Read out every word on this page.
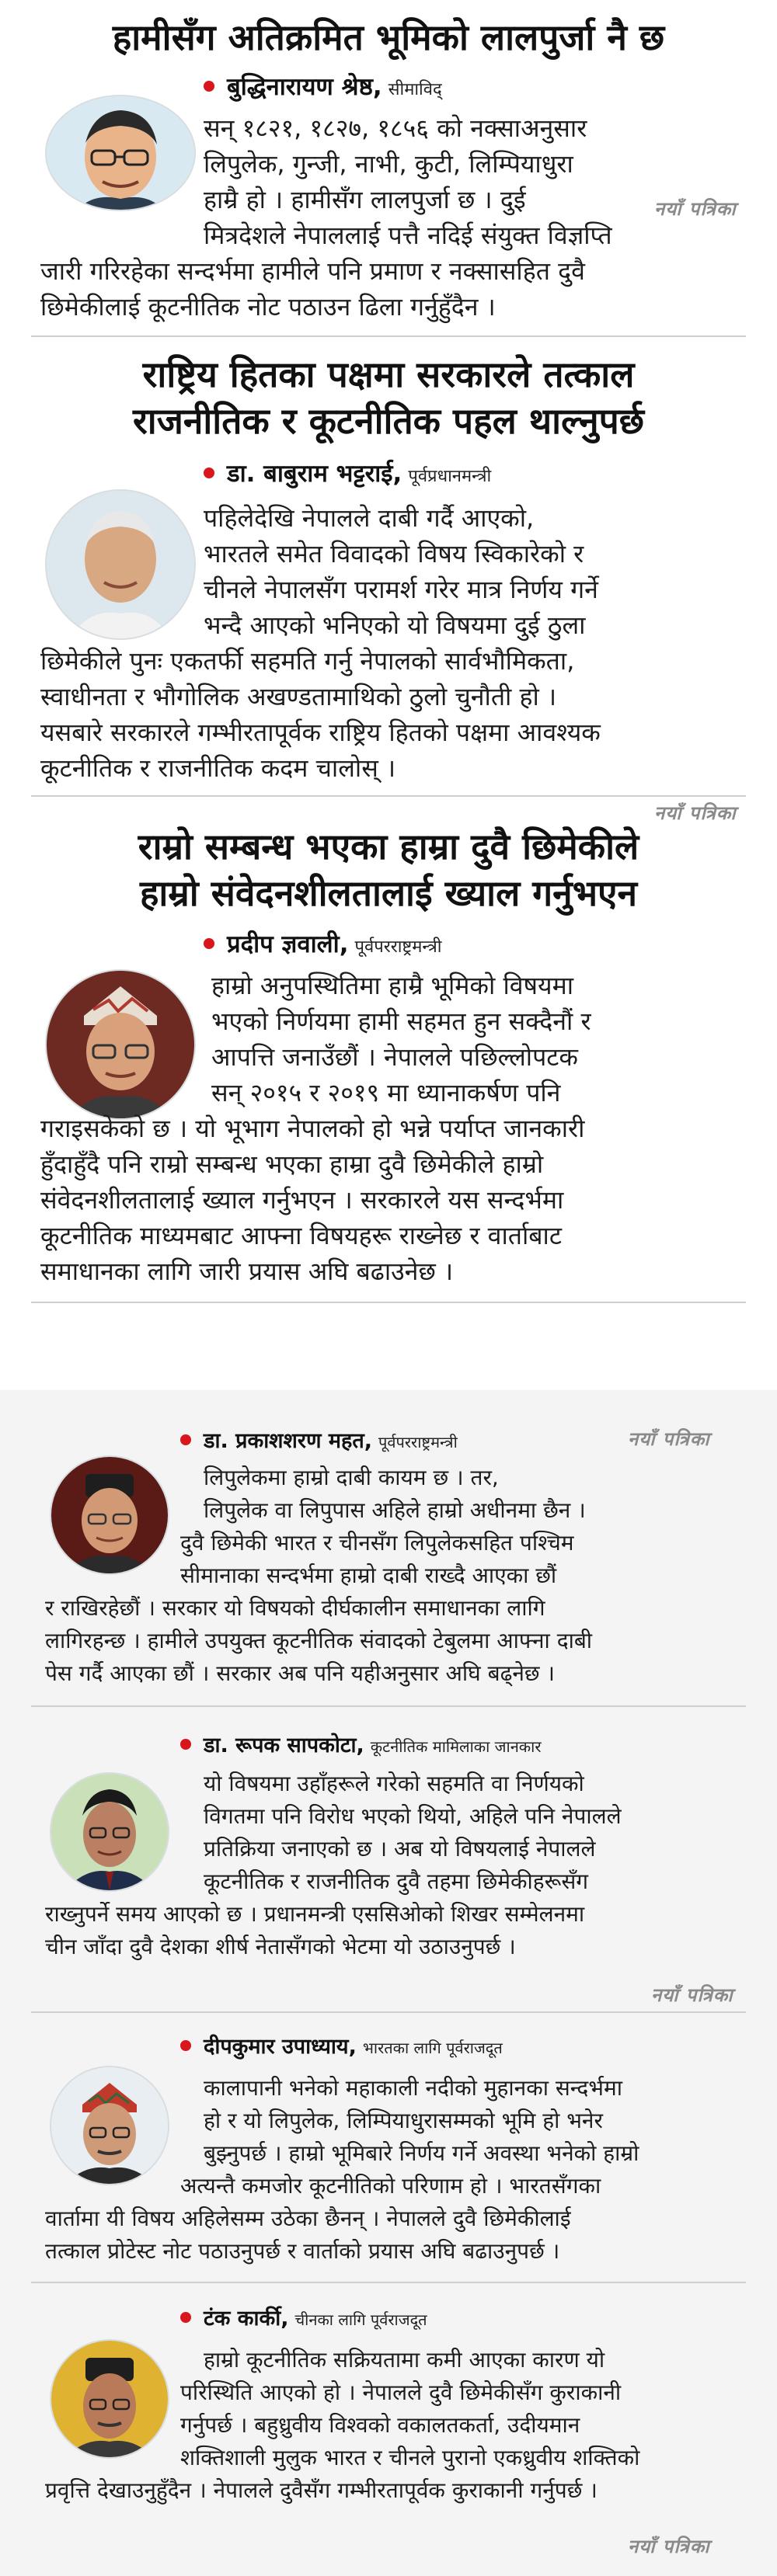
हामीसँग अतिक्रमित भूमिको लालपुर्जा नै छ
बुद्धिनारायण श्रेष्ठ, सीमाविद्
सन् १८२१, १८२७, १८५६ को नक्साअनुसार
लिपुलेक, गुन्जी, नाभी, कुटी, लिम्पियाधुरा
हाम्रै हो । हामीसँग लालपुर्जा छ । दुई	नयाँ पत्रिका
मित्रदेशले नेपाललाई पत्तै नदिई संयुक्त विज्ञप्ति
जारी गरिरहेका सन्दर्भमा हामीले पनि प्रमाण र नक्सासहित दुवै
छिमेकीलाई कूटनीतिक नोट पठाउन ढिला गर्नुहुँदैन ।
राष्ट्रिय हितका पक्षमा सरकारले तत्काल
राजनीतिक र कूटनीतिक पहल थाल्नुपर्छ
डा. बाबुराम भट्टराई, पूर्वप्रधानमन्त्री
पहिलेदेखि नेपालले दाबी गर्दै आएको,
भारतले समेत विवादको विषय स्विकारेको र
चीनले नेपालसँग परामर्श गरेर मात्र निर्णय गर्ने
भन्दै आएको भनिएको यो विषयमा दुई ठुला
छिमेकीले पुनः एकतर्फी सहमति गर्नु नेपालको सार्वभौमिकता,
स्वाधीनता र भौगोलिक अखण्डतामाथिको ठुलो चुनौती हो ।
यसबारे सरकारले गम्भीरतापूर्वक राष्ट्रिय हितको पक्षमा आवश्यक
कूटनीतिक र राजनीतिक कदम चालोस् ।
नयाँ पत्रिका
राम्रो सम्बन्ध भएका हाम्रा दुवै छिमेकीले
हाम्रो संवेदनशीलतालाई ख्याल गर्नुभएन
प्रदीप ज्ञवाली, पूर्वपरराष्ट्रमन्त्री
हाम्रो अनुपस्थितिमा हाम्रै भूमिको विषयमा
भएको निर्णयमा हामी सहमत हुन सक्दैनौं र
आपत्ति जनाउँछौं । नेपालले पछिल्लोपटक
सन् २०१५ र २०१९ मा ध्यानाकर्षण पनि
गराइसकेको छ । यो भूभाग नेपालको हो भन्ने पर्याप्त जानकारी
हुँदाहुँदै पनि राम्रो सम्बन्ध भएका हाम्रा दुवै छिमेकीले हाम्रो
संवेदनशीलतालाई ख्याल गर्नुभएन । सरकारले यस सन्दर्भमा
कूटनीतिक माध्यमबाट आफ्ना विषयहरू राख्नेछ र वार्ताबाट
समाधानका लागि जारी प्रयास अघि बढाउनेछ ।
डा. प्रकाशशरण महत, पूर्वपरराष्ट्रमन्त्री	नयाँ पत्रिका
लिपुलेकमा हाम्रो दाबी कायम छ । तर,
लिपुलेक वा लिपुपास अहिले हाम्रो अधीनमा छैन ।
दुवै छिमेकी भारत र चीनसँग लिपुलेकसहित पश्चिम
सीमानाका सन्दर्भमा हाम्रो दाबी राख्दै आएका छौं
र राखिरहेछौं । सरकार यो विषयको दीर्घकालीन समाधानका लागि
लागिरहन्छ । हामीले उपयुक्त कूटनीतिक संवादको टेबुलमा आफ्ना दाबी
पेस गर्दै आएका छौं । सरकार अब पनि यहीअनुसार अघि बढ्नेछ ।
डा. रूपक सापकोटा, कूटनीतिक मामिलाका जानकार
यो विषयमा उहाँहरूले गरेको सहमति वा निर्णयको
विगतमा पनि विरोध भएको थियो, अहिले पनि नेपालले
प्रतिक्रिया जनाएको छ । अब यो विषयलाई नेपालले
कूटनीतिक र राजनीतिक दुवै तहमा छिमेकीहरूसँग
राख्नुपर्ने समय आएको छ । प्रधानमन्त्री एससिओको शिखर सम्मेलनमा
चीन जाँदा दुवै देशका शीर्ष नेतासँगको भेटमा यो उठाउनुपर्छ ।
नयाँ पत्रिका
दीपकुमार उपाध्याय, भारतका लागि पूर्वराजदूत
कालापानी भनेको महाकाली नदीको मुहानका सन्दर्भमा
हो र यो लिपुलेक, लिम्पियाधुरासम्मको भूमि हो भनेर
बुझ्नुपर्छ । हाम्रो भूमिबारे निर्णय गर्ने अवस्था भनेको हाम्रो
अत्यन्तै कमजोर कूटनीतिको परिणाम हो । भारतसँगका
वार्तामा यी विषय अहिलेसम्म उठेका छैनन् । नेपालले दुवै छिमेकीलाई
तत्काल प्रोटेस्ट नोट पठाउनुपर्छ र वार्ताको प्रयास अघि बढाउनुपर्छ ।
टंक कार्की, चीनका लागि पूर्वराजदूत
हाम्रो कूटनीतिक सक्रियतामा कमी आएका कारण यो
परिस्थिति आएको हो । नेपालले दुवै छिमेकीसँग कुराकानी
गर्नुपर्छ । बहुध्रुवीय विश्वको वकालतकर्ता, उदीयमान
शक्तिशाली मुलुक भारत र चीनले पुरानो एकध्रुवीय शक्तिको
प्रवृत्ति देखाउनुहुँदैन । नेपालले दुवैसँग गम्भीरतापूर्वक कुराकानी गर्नुपर्छ ।
नयाँ पत्रिका
